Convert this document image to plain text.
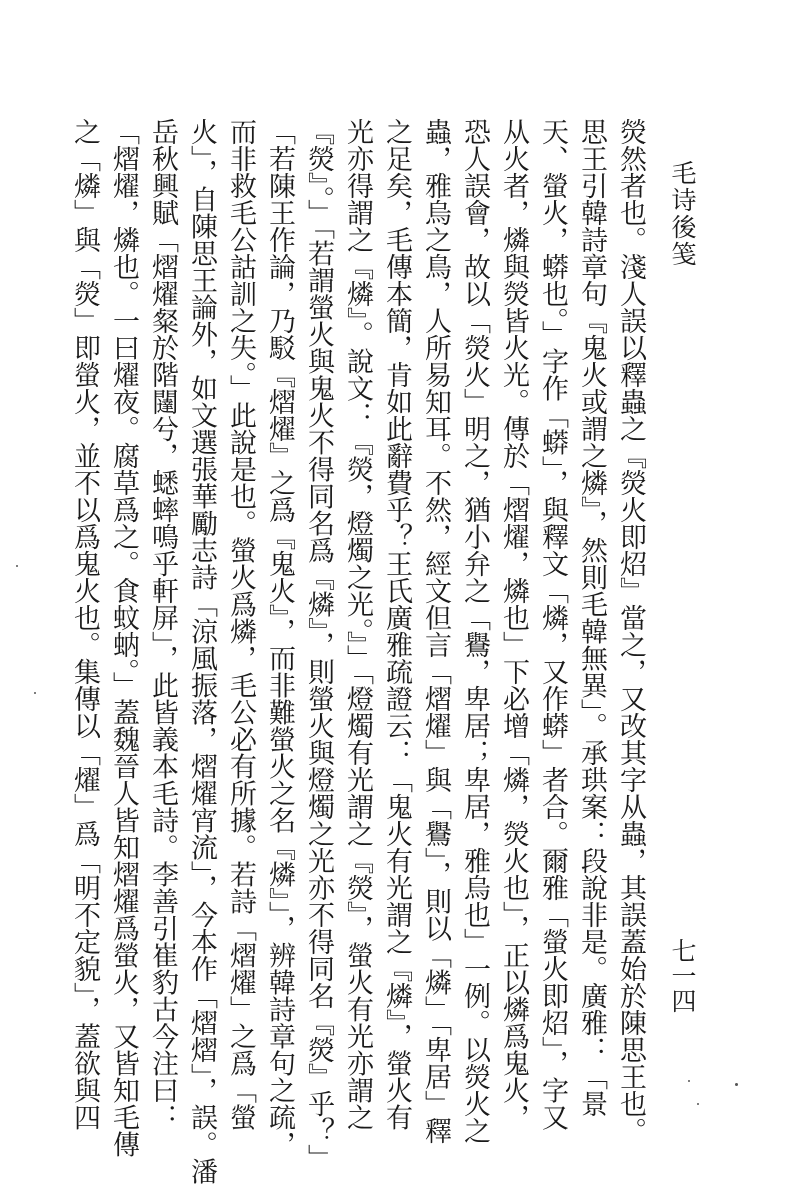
毛诗後笺
熒然者也。淺人誤以釋蟲之『熒火即炤』當之，又改其字从蟲，其誤蓋始於陳思王也。
思王引韓詩章句『鬼火或謂之燐』，然則毛韓無異」。承珙案：段說非是。廣雅：「景
天、螢火，蟒也。」字作「蟒」，與釋文「燐，又作蟒」者合。爾雅「螢火即炤」，字又
从火者，燐與熒皆火光。傳於「熠燿，燐也」下必增「燐，熒火也」，正以燐爲鬼火，
恐人誤會，故以「熒火」明之，猶小弁之「鸒，卑居；卑居，雅烏也」一例。以熒火之
蟲，雅烏之鳥，人所易知耳。不然，經文但言「熠燿」與「鸒」，則以「燐」「卑居」釋
之足矣，毛傳本簡，肯如此辭費乎？王氏廣雅疏證云：「鬼火有光謂之『燐』，螢火有
光亦得謂之『燐』。說文：『熒，燈燭之光。』」「燈燭有光謂之『熒』，螢火有光亦謂之
『熒』。」「若謂螢火與鬼火不得同名爲『燐』，則螢火與燈燭之光亦不得同名『熒』乎？」
「若陳王作論，乃駁『熠燿』之爲『鬼火』，而非難螢火之名『燐』」，辨韓詩章句之疏，
而非救毛公詁訓之失。」此說是也。螢火爲燐，毛公必有所據。若詩「熠燿」之爲「螢
火」，自陳思王論外，如文選張華勵志詩「涼風振落，熠燿宵流」，今本作「熠熠」，誤。潘
岳秋興賦「熠燿粲於階闥兮，蟋蟀鳴乎軒屏」，此皆義本毛詩。李善引崔豹古今注曰：
「熠燿，燐也。一曰燿夜。腐草爲之。食蚊蚋。」蓋魏晉人皆知熠燿爲螢火，又皆知毛傳
之「燐」與「熒」即螢火，並不以爲鬼火也。集傳以「燿」爲「明不定貌」，蓋欲與四	七一四
